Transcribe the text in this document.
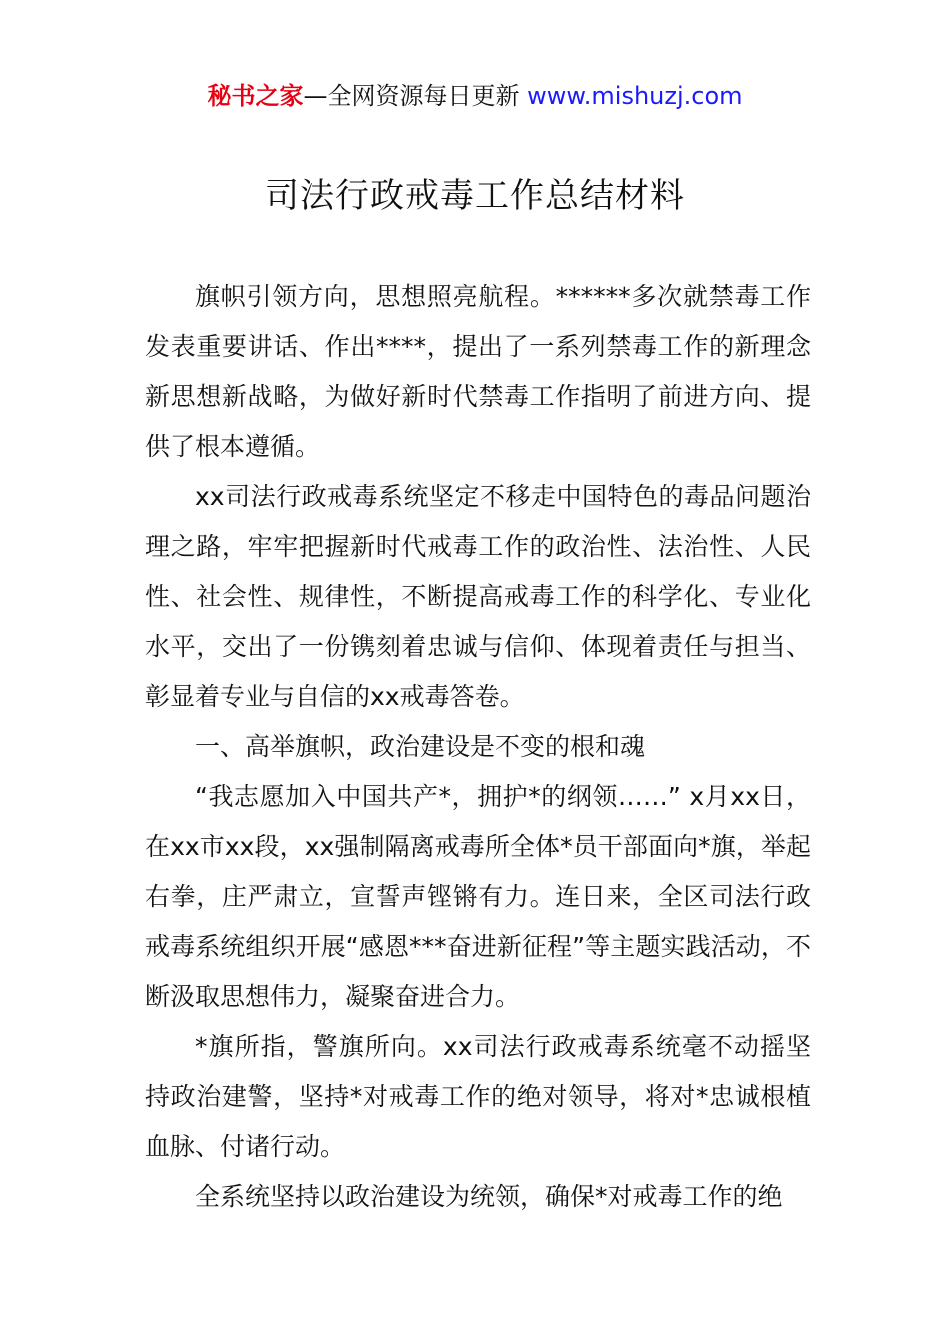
秘书之家—全网资源每日更新 www.mishuzj.com
司法行政戒毒工作总结材料

旗帜引领方向，思想照亮航程。******多次就禁毒工作发表重要讲话、作出****，提出了一系列禁毒工作的新理念新思想新战略，为做好新时代禁毒工作指明了前进方向、提供了根本遵循。

xx司法行政戒毒系统坚定不移走中国特色的毒品问题治理之路，牢牢把握新时代戒毒工作的政治性、法治性、人民性、社会性、规律性，不断提高戒毒工作的科学化、专业化水平，交出了一份镌刻着忠诚与信仰、体现着责任与担当、彰显着专业与自信的xx戒毒答卷。

一、高举旗帜，政治建设是不变的根和魂

“我志愿加入中国共产*，拥护*的纲领……” x月xx日，在xx市xx段，xx强制隔离戒毒所全体*员干部面向*旗，举起右拳，庄严肃立，宣誓声铿锵有力。连日来，全区司法行政戒毒系统组织开展“感恩***奋进新征程”等主题实践活动，不断汲取思想伟力，凝聚奋进合力。

*旗所指，警旗所向。xx司法行政戒毒系统毫不动摇坚持政治建警，坚持*对戒毒工作的绝对领导，将对*忠诚根植血脉、付诸行动。

全系统坚持以政治建设为统领，确保*对戒毒工作的绝
